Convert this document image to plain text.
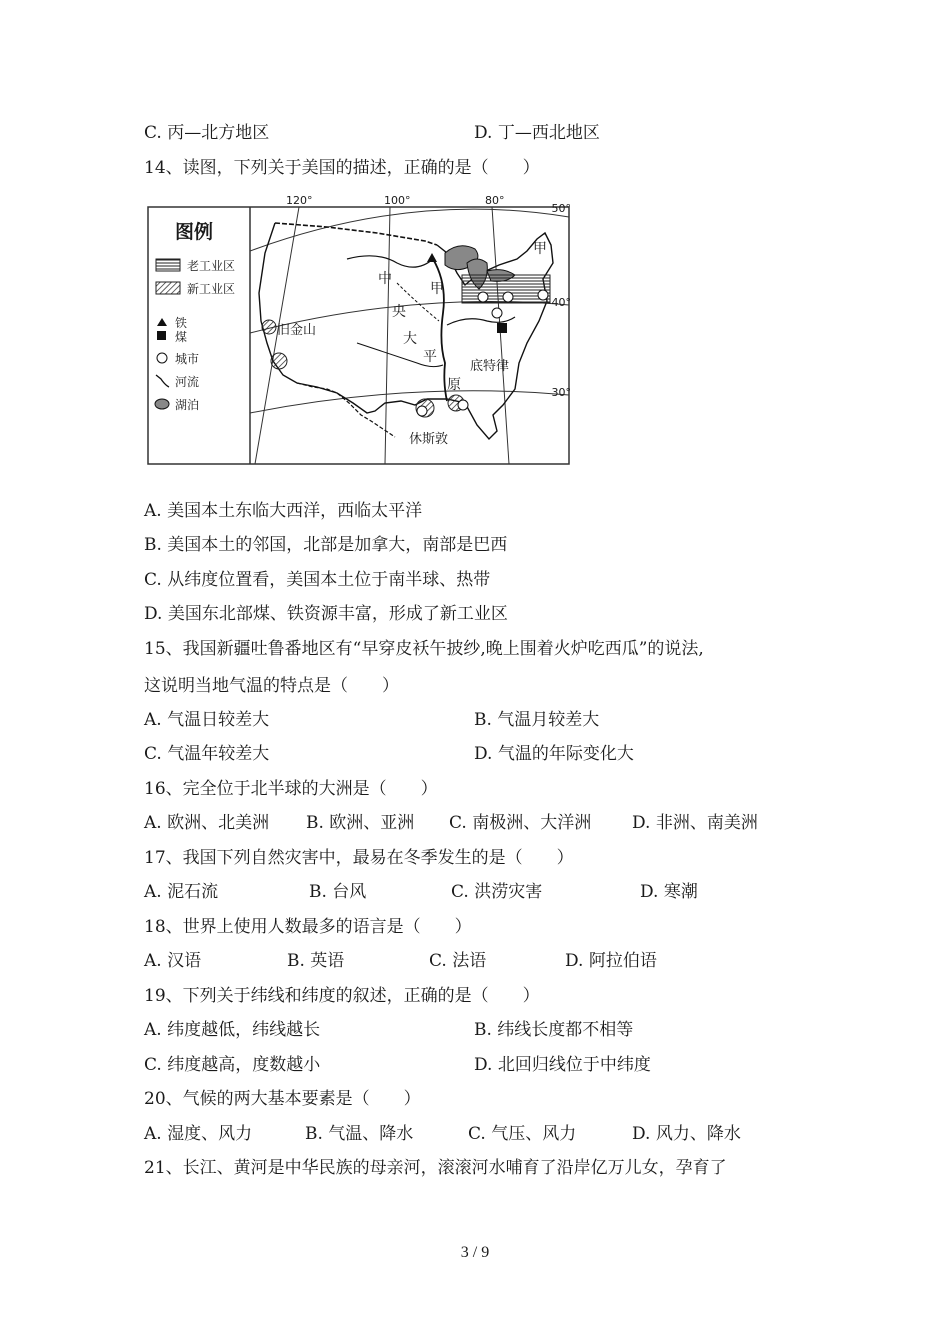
C. 丙—北方地区	D. 丁—西北地区
14、读图，下列关于美国的描述，正确的是（　　）
图例
老工业区
新工业区
铁
煤
城市
河流
湖泊
120°	100°	80°
50°
40°
30°
甲
甲
旧金山
底特律
休斯敦
中
央
大
平
原
A. 美国本土东临大西洋，西临太平洋
B. 美国本土的邻国，北部是加拿大，南部是巴西
C. 从纬度位置看，美国本土位于南半球、热带
D. 美国东北部煤、铁资源丰富，形成了新工业区
15、我国新疆吐鲁番地区有“早穿皮袄午披纱,晚上围着火炉吃西瓜”的说法,
这说明当地气温的特点是（　　）
A. 气温日较差大	B. 气温月较差大
C. 气温年较差大	D. 气温的年际变化大
16、完全位于北半球的大洲是（　　）
A. 欧洲、北美洲 B. 欧洲、亚洲 C. 南极洲、大洋洲 D. 非洲、南美洲
17、我国下列自然灾害中，最易在冬季发生的是（　　）
A. 泥石流	B. 台风	C. 洪涝灾害	D. 寒潮
18、世界上使用人数最多的语言是（　　）
A. 汉语	B. 英语	C. 法语	D. 阿拉伯语
19、下列关于纬线和纬度的叙述，正确的是（　　）
A. 纬度越低，纬线越长	B. 纬线长度都不相等
C. 纬度越高，度数越小	D. 北回归线位于中纬度
20、气候的两大基本要素是（　　）
A. 湿度、风力	B. 气温、降水	C. 气压、风力	D. 风力、降水
21、长江、黄河是中华民族的母亲河，滚滚河水哺育了沿岸亿万儿女，孕育了
3 / 9
